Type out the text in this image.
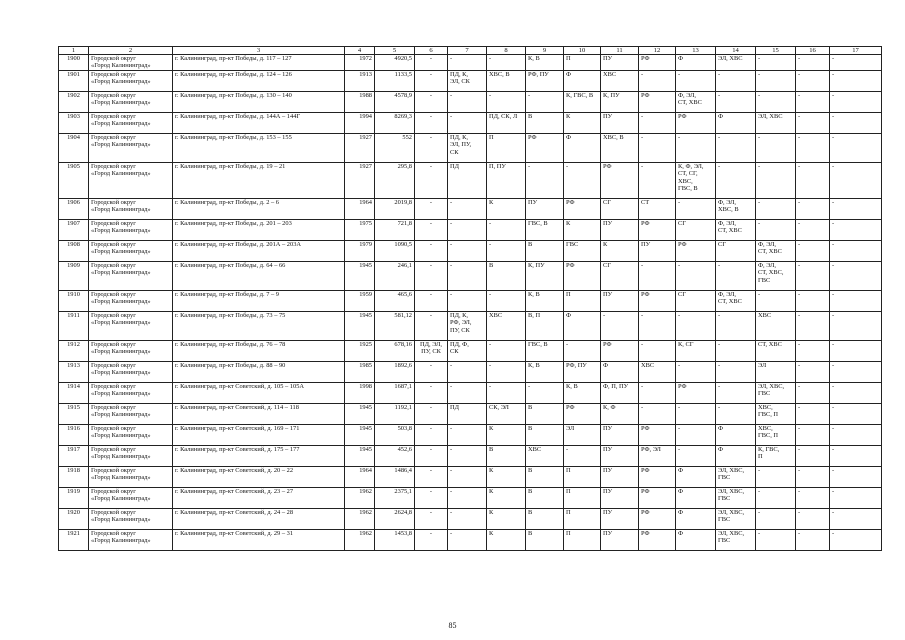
1	2	3	4	5	6	7	8	9	10	11	12	13	14	15	16	17
1900	Городской округ
«Город Калининград»	г. Калининград, пр-кт Победы, д. 117 – 127	1972	4920,5	-	-	-	К, В	П	ПУ	РФ	Ф	ЭЛ, ХВС	-	-	-
1901	Городской округ
«Город Калининград»	г. Калининград, пр-кт Победы, д. 124 – 126	1913	1133,5	-	ПД, К,
ЭЛ, СК	ХВС, В	РФ, ПУ	Ф	ХВС	-	-	-	-	-	-
1902	Городской округ
«Город Калининград»	г. Калининград, пр-кт Победы, д. 130 – 140	1988	4578,9	-	-	-	-	К, ГВС, В	К, ПУ	РФ	Ф, ЭЛ,
СТ, ХВС	-	-	-	-
1903	Городской округ
«Город Калининград»	г. Калининград, пр-кт Победы, д. 144А – 144Г	1994	8269,3	-	-	ПД, СК, Л	В	К	ПУ	-	РФ	Ф	ЭЛ, ХВС	-	-
1904	Городской округ
«Город Калининград»	г. Калининград, пр-кт Победы, д. 153 – 155	1927	552	-	ПД, К,
ЭЛ, ПУ,
СК	П	РФ	Ф	ХВС, В	-	-	-	-	-	-
1905	Городской округ
«Город Калининград»	г. Калининград, пр-кт Победы, д. 19 – 21	1927	295,8	-	ПД	П, ПУ	-	-	РФ	-	К, Ф, ЭЛ,
СТ, СГ,
ХВС,
ГВС, В	-	-	-	-
1906	Городской округ
«Город Калининград»	г. Калининград, пр-кт Победы, д. 2 – 6	1964	2019,8	-	-	К	ПУ	РФ	СГ	СТ	-	Ф, ЭЛ,
ХВС, В	-	-	-
1907	Городской округ
«Город Калининград»	г. Калининград, пр-кт Победы, д. 201 – 203	1975	721,8	-	-	-	ГВС, В	К	ПУ	РФ	СГ	Ф, ЭЛ,
СТ, ХВС	-	-	-
1908	Городской округ
«Город Калининград»	г. Калининград, пр-кт Победы, д. 201А – 203А	1979	1090,5	-	-	-	В	ГВС	К	ПУ	РФ	СГ	Ф, ЭЛ,
СТ, ХВС	-	-
1909	Городской округ
«Город Калининград»	г. Калининград, пр-кт Победы, д. 64 – 66	1945	246,1	-	-	В	К, ПУ	РФ	СГ	-	-	-	Ф, ЭЛ,
СТ, ХВС,
ГВС	-	-
1910	Городской округ
«Город Калининград»	г. Калининград, пр-кт Победы, д. 7 – 9	1959	465,6	-	-	-	К, В	П	ПУ	РФ	СГ	Ф, ЭЛ,
СТ, ХВС	-	-	-
1911	Городской округ
«Город Калининград»	г. Калининград, пр-кт Победы, д. 73 – 75	1945	581,12	-	ПД, К,
РФ, ЭЛ,
ПУ, СК	ХВС	В, П	Ф	-	-	-	-	ХВС	-	-
1912	Городской округ
«Город Калининград»	г. Калининград, пр-кт Победы, д. 76 – 78	1925	678,16	ПД, ЭЛ,
ПУ, СК	ПД, Ф,
СК	-	ГВС, В	-	РФ	-	К, СГ	-	СТ, ХВС	-	-
1913	Городской округ
«Город Калининград»	г. Калининград, пр-кт Победы, д. 88 – 90	1985	1892,6	-	-	-	К, В	РФ, ПУ	Ф	ХВС	-	-	ЭЛ	-	-
1914	Городской округ
«Город Калининград»	г. Калининград, пр-кт Советский, д. 105 – 105А	1998	1687,1	-	-	-	-	К, В	Ф, П, ПУ	-	РФ	-	ЭЛ, ХВС,
ГВС	-	-
1915	Городской округ
«Город Калининград»	г. Калининград, пр-кт Советский, д. 114 – 118	1945	1192,1	-	ПД	СК, ЭЛ	В	РФ	К, Ф	-	-	-	ХВС,
ГВС, П	-	-
1916	Городской округ
«Город Калининград»	г. Калининград, пр-кт Советский, д. 169 – 171	1945	503,8	-	-	К	В	ЭЛ	ПУ	РФ	-	Ф	ХВС,
ГВС, П	-	-
1917	Городской округ
«Город Калининград»	г. Калининград, пр-кт Советский, д. 175 – 177	1945	452,6	-	-	В	ХВС	-	ПУ	РФ, ЭЛ	-	Ф	К, ГВС,
П	-	-
1918	Городской округ
«Город Калининград»	г. Калининград, пр-кт Советский, д. 20 – 22	1964	1486,4	-	-	К	В	П	ПУ	РФ	Ф	ЭЛ, ХВС,
ГВС	-	-	-
1919	Городской округ
«Город Калининград»	г. Калининград, пр-кт Советский, д. 23 – 27	1962	2375,1	-	-	К	В	П	ПУ	РФ	Ф	ЭЛ, ХВС,
ГВС	-	-	-
1920	Городской округ
«Город Калининград»	г. Калининград, пр-кт Советский, д. 24 – 28	1962	2624,8	-	-	К	В	П	ПУ	РФ	Ф	ЭЛ, ХВС,
ГВС	-	-	-
1921	Городской округ
«Город Калининград»	г. Калининград, пр-кт Советский, д. 29 – 31	1962	1453,8	-	-	К	В	П	ПУ	РФ	Ф	ЭЛ, ХВС,
ГВС	-	-	-
85
